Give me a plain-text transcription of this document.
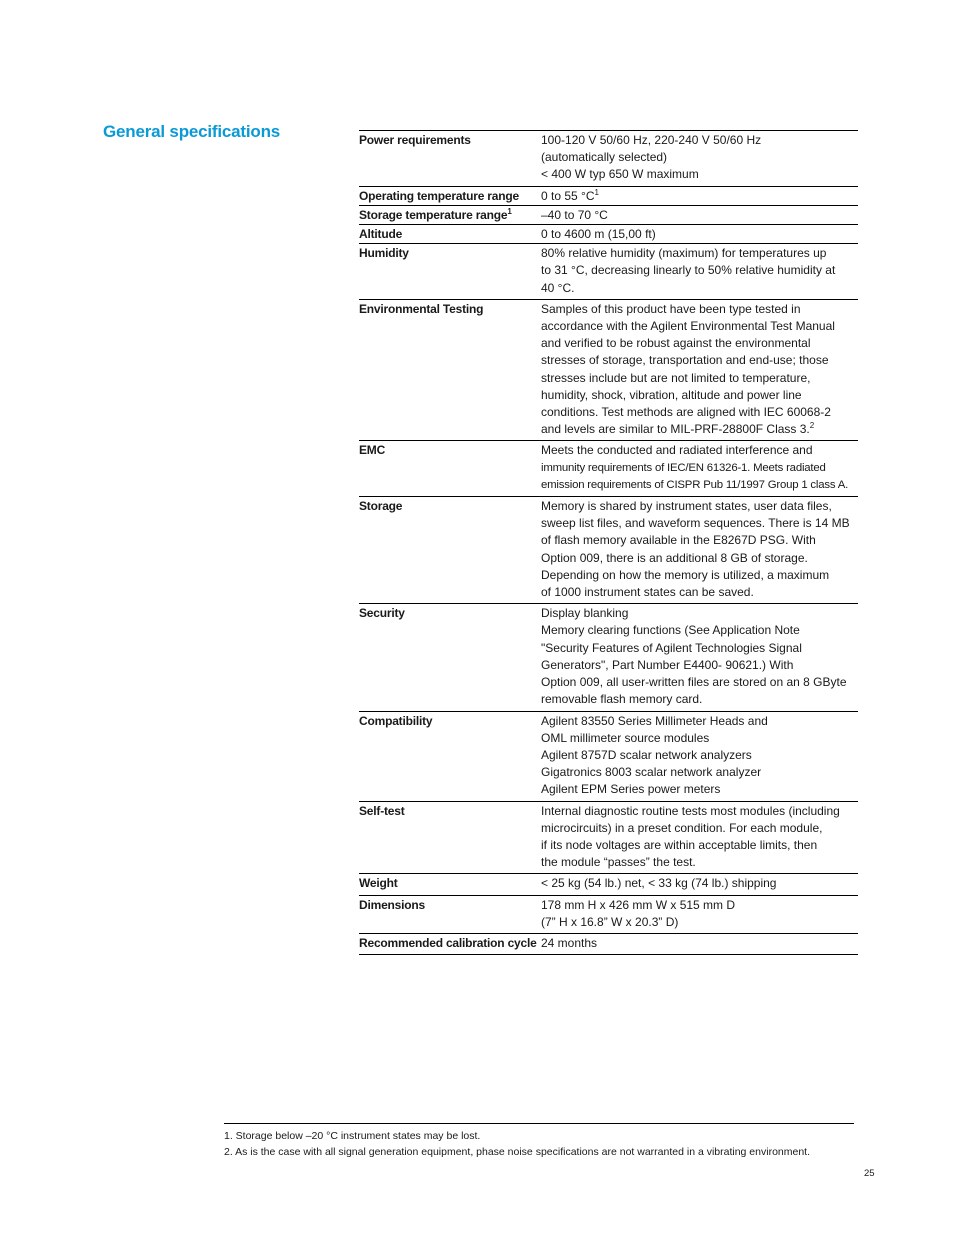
General specifications	Power requirements	100-120 V 50/60 Hz, 220-240 V 50/60 Hz
(automatically selected)
< 400 W typ 650 W maximum
Operating temperature range	0 to 55 $^\circ C^1$
Storage temperature range$^1$	–40 to 70 °C
Altitude	0 to 4600 m (15,00 ft)
Humidity	80% relative humidity (maximum) for temperatures up
to 31 °C, decreasing linearly to 50% relative humidity at
40 °C.
Environmental Testing	Samples of this product have been type tested in
accordance with the Agilent Environmental Test Manual
and verified to be robust against the environmental
stresses of storage, transportation and end-use; those
stresses include but are not limited to temperature,
humidity, shock, vibration, altitude and power line
conditions. Test methods are aligned with IEC 60068-2
and levels are similar to MIL-PRF-28800F Class 3.$^2$
EMC	Meets the conducted and radiated interference and
immunity requirements of IEC/EN 61326-1. Meets radiated
emission requirements of CISPR Pub 11/1997 Group 1 class A.
Storage	Memory is shared by instrument states, user data files,
sweep list files, and waveform sequences. There is 14 MB
of flash memory available in the E8267D PSG. With
Option 009, there is an additional 8 GB of storage.
Depending on how the memory is utilized, a maximum
of 1000 instrument states can be saved.
Security	Display blanking
Memory clearing functions (See Application Note
"Security Features of Agilent Technologies Signal
Generators", Part Number E4400- 90621.) With
Option 009, all user-written files are stored on an 8 GByte
removable flash memory card.
Compatibility	Agilent 83550 Series Millimeter Heads and
OML millimeter source modules
Agilent 8757D scalar network analyzers
Gigatronics 8003 scalar network analyzer
Agilent EPM Series power meters
Self-test	Internal diagnostic routine tests most modules (including
microcircuits) in a preset condition. For each module,
if its node voltages are within acceptable limits, then
the module “passes” the test.
Weight	< 25 kg (54 lb.) net, < 33 kg (74 lb.) shipping
Dimensions	178 mm H x 426 mm W x 515 mm D
(7” H x 16.8” W x 20.3” D)
Recommended calibration cycle 24 months
1. Storage below –20 °C instrument states may be lost.
2. As is the case with all signal generation equipment, phase noise specifications are not warranted in a vibrating environment.
25
